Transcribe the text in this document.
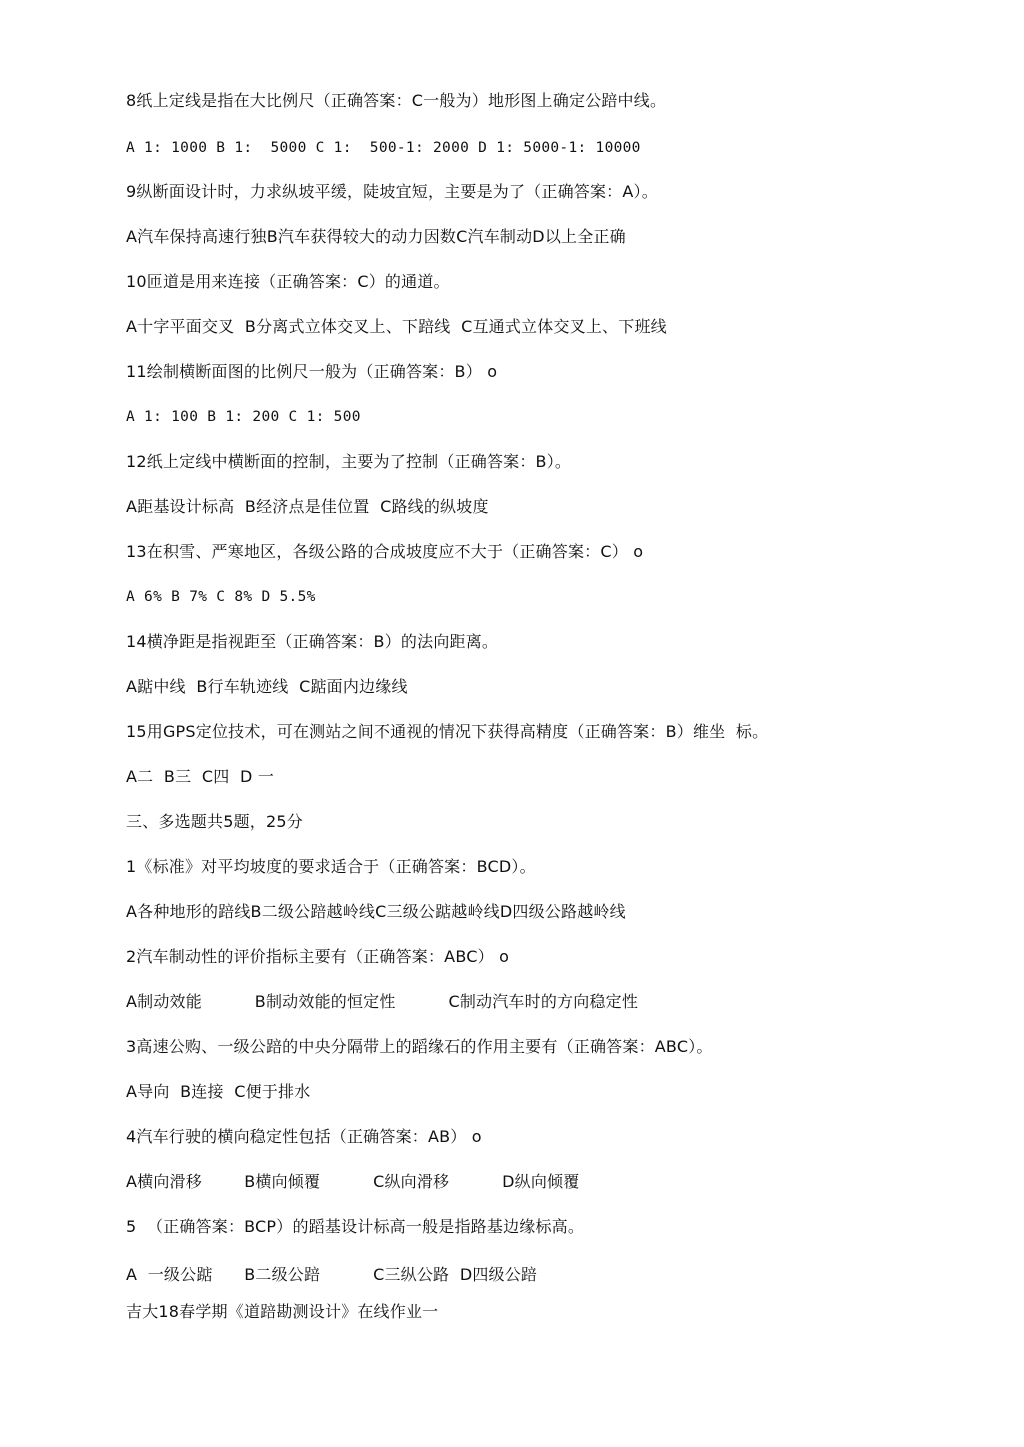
8纸上定线是指在大比例尺（正确答案：C一般为）地形图上确定公踣中线。
A 1: 1000 B 1:  5000 C 1:  500-1: 2000 D 1: 5000-1: 10000
9纵断面设计时，力求纵坡平缓，陡坡宜短，主要是为了（正确答案：A）。
A汽车保持高速行独B汽车获得较大的动力因数C汽车制动D以上全正确
10匝道是用来连接（正确答案：C）的通道。
A十字平面交叉  B分离式立体交叉上、下踣线  C互通式立体交叉上、下班线
11绘制横断面图的比例尺一般为（正确答案：B） o
A 1: 100 B 1: 200 C 1: 500
12纸上定线中横断面的控制，主要为了控制（正确答案：B）。
A距基设计标高  B经济点是佳位置  C路线的纵坡度
13在积雪、严寒地区，各级公路的合成坡度应不大于（正确答案：C） o
A 6% B 7% C 8% D 5.5%
14横净距是指视距至（正确答案：B）的法向距离。
A踮中线  B行车轨迹线  C踮面内边缘线
15用GPS定位技术，可在测站之间不通视的情况下获得高精度（正确答案：B）维坐  标。
A二  B三  C四  D 一
三、多选题共5题，25分
1《标准》对平均坡度的要求适合于（正确答案：BCD）。
A各种地形的踣线B二级公踣越岭线C三级公踮越岭线D四级公路越岭线
2汽车制动性的评价指标主要有（正确答案：ABC） o
A制动效能          B制动效能的恒定性          C制动汽车时的方向稳定性
3高速公购、一级公踣的中央分隔带上的蹈缘石的作用主要有（正确答案：ABC）。
A导向  B连接  C便于排水
4汽车行驶的横向稳定性包括（正确答案：AB） o
A横向滑移        B横向倾覆          C纵向滑移          D纵向倾覆
5  （正确答案：BCP）的蹈基设计标高一般是指路基边缘标高。
A  一级公踮      B二级公踣          C三纵公路  D四级公踣
吉大18春学期《道踣勘测设计》在线作业一
